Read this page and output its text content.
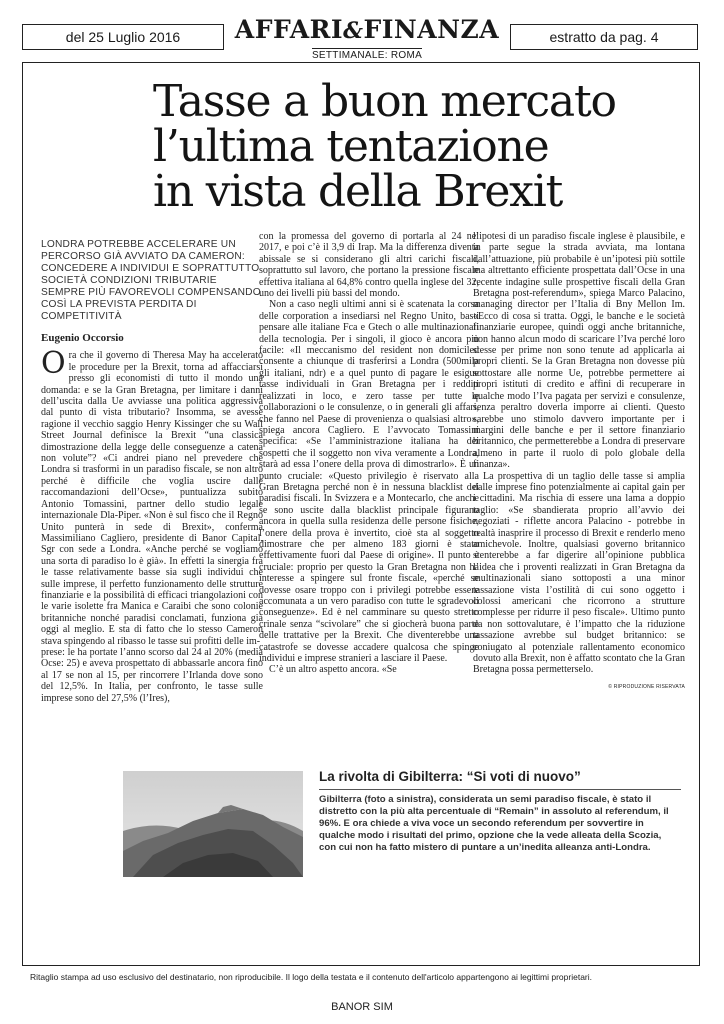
del 25 Luglio 2016 AFFARI&FINANZA
SETTIMANALE: ROMA
estratto da pag. 4
Tasse a buon mercato
l’ultima tentazione
in vista della Brexit
LONDRA POTREBBE ACCELERARE UN PERCORSO GIÀ AVVIATO DA CAMERON: CONCEDERE A INDIVIDUI E SOPRATTUTTO SOCIETÀ CONDIZIONI TRIBUTARIE SEMPRE PIÙ FAVOREVOLI COMPENSANDO COSÌ LA PREVISTA PERDITA DI COMPETITIVITÀ
Eugenio Occorsio

Ora che il governo di Theresa May ha accelerato le procedure per la Brexit, torna ad affacciarsi presso gli economisti di tutto il mondo una domanda: e se la Gran Bretagna, per limitare i danni dell’uscita dalla Ue avviasse una politica aggressiva dal punto di vista tributario? Insomma, se avesse ragione il vecchio saggio Henry Kissinger che su Wall Street Journal definisce la Brexit “una classica dimostrazione della legge delle conseguenze a catena non volute”? «Ci andrei piano nel prevedere che Londra si trasformi in un paradiso fiscale, se non altro perché è difficile che voglia uscire dalle raccomandazioni dell’Ocse», puntualizza subito Antonio Tomassini, partner dello studio legale internazionale Dla-Piper. «Non è sul fisco che il Regno Unito punterà in sede di Brexit», conferma Massimiliano Cagliero, presidente di Banor Capital, Sgr con sede a Londra. «Anche perché se vogliamo una sorta di paradiso lo è già». In effetti la sinergia fra le tasse relativamente basse sia sugli individui che sulle imprese, il perfetto funzionamento delle strutture finanziarie e la possibilità di efficaci triangolazioni con le varie isolette fra Manica e Caraibi che sono colonie britanniche nonché paradisi conclamati, funziona già oggi al meglio. E sta di fatto che lo stesso Cameron stava spingendo al ribasso le tasse sui profitti delle im-

prese: le ha portate l’anno scorso dal 24 al 20% (media Ocse: 25) e aveva prospettato di abbassarle ancora fino al 17 se non al 15, per rincorrere l’Irlanda dove sono del 12,5%. In Italia, per confronto, le tasse sulle imprese sono del 27,5% (l’Ires),

con la promessa del governo di portarla al 24 nel 2017, e poi c’è il 3,9 di Irap. Ma la differenza diventa abissale se si considerano gli altri carichi fiscali, soprattutto sul lavoro, che portano la pressione fiscale effettiva italiana al 64,8% contro quella inglese del 32, uno dei livelli più bassi del mondo.

Non a caso negli ultimi anni si è scatenata la corsa delle corporation a insediarsi nel Regno Unito, basti pensare alle italiane Fca e Gtech o alle multinazionali della tecnologia. Per i singoli, il gioco è ancora più facile: «Il meccanismo del resident non domiciled consente a chiunque di trasferirsi a Londra (500mila gli italiani, ndr) e a quel punto di pagare le esigue tasse individuali in Gran Bretagna per i redditi realizzati in loco, e zero tasse per tutte le collaborazioni o le consulenze, o in generali gli affari, che fanno nel Paese di provenienza o qualsiasi altro», spiega ancora Cagliero. E l’avvocato Tomassini specifica: «Se l’amministrazione italiana ha dei sospetti che il soggetto non viva veramente a Londra, starà ad essa l’onere della prova di dimostrarlo». È un punto cruciale: «Questo privilegio è riservato alla Gran Bretagna perché non è in nessuna blacklist dei paradisi fiscali. In Svizzera e a Montecarlo, che anche se sono uscite dalla blacklist principale figurano ancora in quella sulla residenza delle persone fisiche, l’onere della prova è invertito, cioè sta al soggetto dimostrare che per almeno 183 giorni è stato effettivamente fuori dal Paese di origine». Il punto è cruciale: proprio per questo la Gran Bretagna non ha interesse a spingere sul fronte fiscale, «perché se dovesse osare troppo con i privilegi potrebbe essere accomunata a un vero paradiso con tutte le sgradevoli conseguenze». Ed è nel camminare su questo stretto crinale senza “scivolare” che si giocherà buona parte delle trattative per la Brexit. Che diventerebbe una catastrofe se dovesse accadere qualcosa che spinge individui e imprese stranieri a lasciare il Paese.

C’è un altro aspetto ancora. «Se

l’ipotesi di un paradiso fiscale inglese è plausibile, e in parte segue la strada avviata, ma lontana dall’attuazione, più probabile è un’ipotesi più sottile ma altrettanto efficiente prospettata dall’Ocse in una recente indagine sulle prospettive fiscali della Gran Bretagna post-referendum», spiega Marco Palacino, managing director per l’Italia di Bny Mellon Im. «Ecco di cosa si tratta. Oggi, le banche e le società finanziarie europee, quindi oggi anche britanniche, non hanno alcun modo di scaricare l’Iva perché loro stesse per prime non sono tenute ad applicarla ai propri clienti. Se la Gran Bretagna non dovesse più sottostare alle norme Ue, potrebbe permettere ai propri istituti di credito e affini di recuperare in qualche modo l’Iva pagata per servizi e consulenze, senza peraltro doverla imporre ai clienti. Questo sarebbe uno stimolo davvero importante per i margini delle banche e per il settore finanziario britannico, che permetterebbe a Londra di preservare almeno in parte il ruolo di polo globale della finanza».

La prospettiva di un taglio delle tasse si amplia dalle imprese fino potenzialmente ai capital gain per i cittadini. Ma rischia di essere una lama a doppio taglio: «Se sbandierata proprio all’avvio dei negoziati - riflette ancora Palacino - potrebbe in realtà inasprire il processo di Brexit e renderlo meno amichevole. Inoltre, qualsiasi governo britannico stenterebbe a far digerire all’opinione pubblica l’idea che i proventi realizzati in Gran Bretagna da multinazionali siano sottoposti a una minor tassazione vista l’ostilità di cui sono oggetto i colossi americani che ricorrono a strutture complesse per ridurre il peso fiscale». Ultimo punto da non sottovalutare, è l’impatto che la riduzione tassazione avrebbe sul budget britannico: se coniugato al potenziale rallentamento economico dovuto alla Brexit, non è affatto scontato che la Gran Bretagna possa permetterselo.

© RIPRODUZIONE RISERVATA
La rivolta di Gibilterra: “Si voti di nuovo”
Gibilterra (foto a sinistra), considerata un semi paradiso fiscale, è stato il distretto con la più alta percentuale di “Remain” in assoluto al referendum, il 96%. E ora chiede a viva voce un secondo referendum per sovvertire in qualche modo i risultati del primo, opzione che la vede alleata della Scozia, con cui non ha fatto mistero di puntare a un’inedita alleanza anti-Londra.
Ritaglio stampa ad uso esclusivo del destinatario, non riproducibile. Il logo della testata e il contenuto dell'articolo appartengono ai legittimi proprietari.
BANOR SIM
